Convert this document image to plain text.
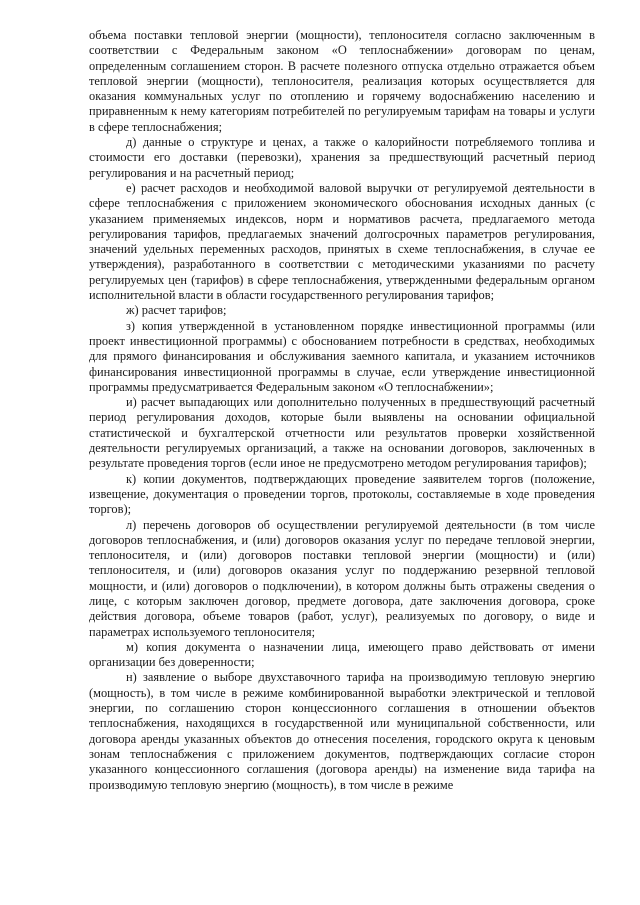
объема поставки тепловой энергии (мощности), теплоносителя согласно заключенным в соответствии с Федеральным законом «О теплоснабжении» договорам по ценам, определенным соглашением сторон. В расчете полезного отпуска отдельно отражается объем тепловой энергии (мощности), теплоносителя, реализация которых осуществляется для оказания коммунальных услуг по отоплению и горячему водоснабжению населению и приравненным к нему категориям потребителей по регулируемым тарифам на товары и услуги в сфере теплоснабжения;

д) данные о структуре и ценах, а также о калорийности потребляемого топлива и стоимости его доставки (перевозки), хранения за предшествующий расчетный период регулирования и на расчетный период;

е) расчет расходов и необходимой валовой выручки от регулируемой деятельности в сфере теплоснабжения с приложением экономического обоснования исходных данных (с указанием применяемых индексов, норм и нормативов расчета, предлагаемого метода регулирования тарифов, предлагаемых значений долгосрочных параметров регулирования, значений удельных переменных расходов, принятых в схеме теплоснабжения, в случае ее утверждения), разработанного в соответствии с методическими указаниями по расчету регулируемых цен (тарифов) в сфере теплоснабжения, утвержденными федеральным органом исполнительной власти в области государственного регулирования тарифов;

ж) расчет тарифов;

з) копия утвержденной в установленном порядке инвестиционной программы (или проект инвестиционной программы) с обоснованием потребности в средствах, необходимых для прямого финансирования и обслуживания заемного капитала, и указанием источников финансирования инвестиционной программы в случае, если утверждение инвестиционной программы предусматривается Федеральным законом «О теплоснабжении»;

и) расчет выпадающих или дополнительно полученных в предшествующий расчетный период регулирования доходов, которые были выявлены на основании официальной статистической и бухгалтерской отчетности или результатов проверки хозяйственной деятельности регулируемых организаций, а также на основании договоров, заключенных в результате проведения торгов (если иное не предусмотрено методом регулирования тарифов);

к) копии документов, подтверждающих проведение заявителем торгов (положение, извещение, документация о проведении торгов, протоколы, составляемые в ходе проведения торгов);

л) перечень договоров об осуществлении регулируемой деятельности (в том числе договоров теплоснабжения, и (или) договоров оказания услуг по передаче тепловой энергии, теплоносителя, и (или) договоров поставки тепловой энергии (мощности) и (или) теплоносителя, и (или) договоров оказания услуг по поддержанию резервной тепловой мощности, и (или) договоров о подключении), в котором должны быть отражены сведения о лице, с которым заключен договор, предмете договора, дате заключения договора, сроке действия договора, объеме товаров (работ, услуг), реализуемых по договору, о виде и параметрах используемого теплоносителя;

м) копия документа о назначении лица, имеющего право действовать от имени организации без доверенности;

н) заявление о выборе двухставочного тарифа на производимую тепловую энергию (мощность), в том числе в режиме комбинированной выработки электрической и тепловой энергии, по соглашению сторон концессионного соглашения в отношении объектов теплоснабжения, находящихся в государственной или муниципальной собственности, или договора аренды указанных объектов до отнесения поселения, городского округа к ценовым зонам теплоснабжения с приложением документов, подтверждающих согласие сторон указанного концессионного соглашения (договора аренды) на изменение вида тарифа на производимую тепловую энергию (мощность), в том числе в режиме
